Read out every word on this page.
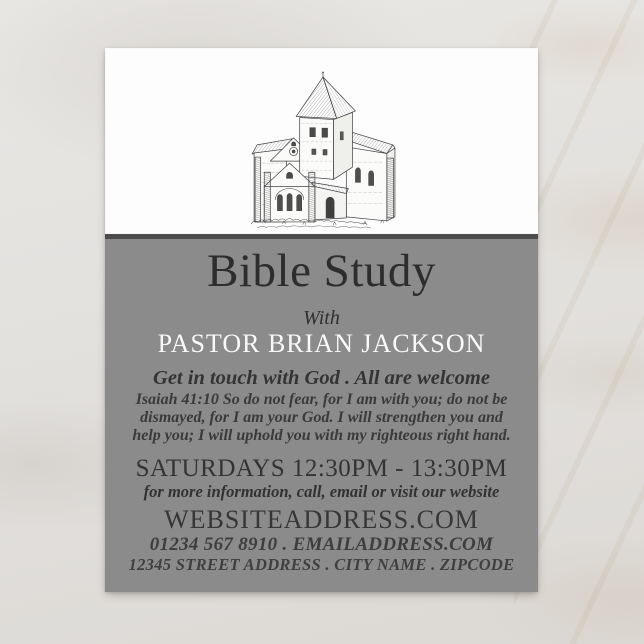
Bible Study
With
PASTOR BRIAN JACKSON
Get in touch with God . All are welcome
Isaiah 41:10 So do not fear, for I am with you; do not be
dismayed, for I am your God. I will strengthen you and
help you; I will uphold you with my righteous right hand.
SATURDAYS 12:30PM - 13:30PM
for more information, call, email or visit our website
WEBSITEADDRESS.COM
01234 567 8910 . EMAILADDRESS.COM
12345 STREET ADDRESS . CITY NAME . ZIPCODE
